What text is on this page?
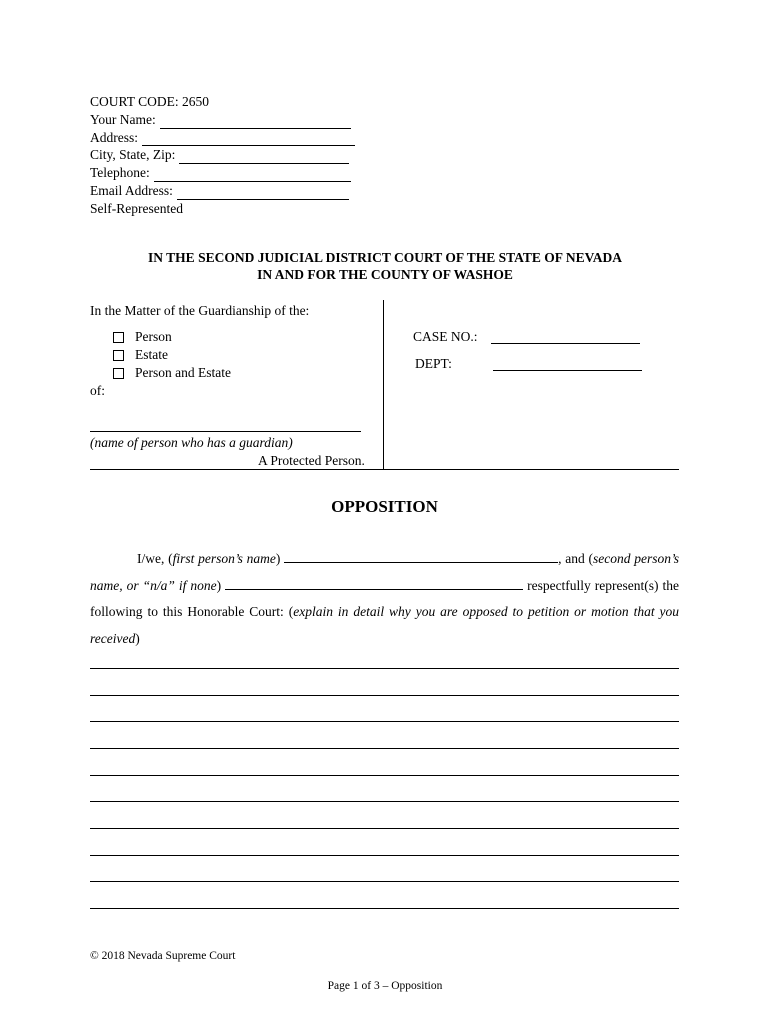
COURT CODE: 2650
Your Name:
Address:
City, State, Zip:
Telephone:
Email Address:
Self-Represented
IN THE SECOND JUDICIAL DISTRICT COURT OF THE STATE OF NEVADA
IN AND FOR THE COUNTY OF WASHOE
In the Matter of the Guardianship of the:
Person
Estate
Person and Estate
of:
(name of person who has a guardian)
A Protected Person.
CASE NO.:
DEPT:
OPPOSITION
I/we, (first person’s name)	, and (second person’s name, or “n/a” if none)	respectfully represent(s) the following to this Honorable Court: (explain in detail why you are opposed to petition or motion that you received)
© 2018 Nevada Supreme Court
Page 1 of 3 – Opposition
